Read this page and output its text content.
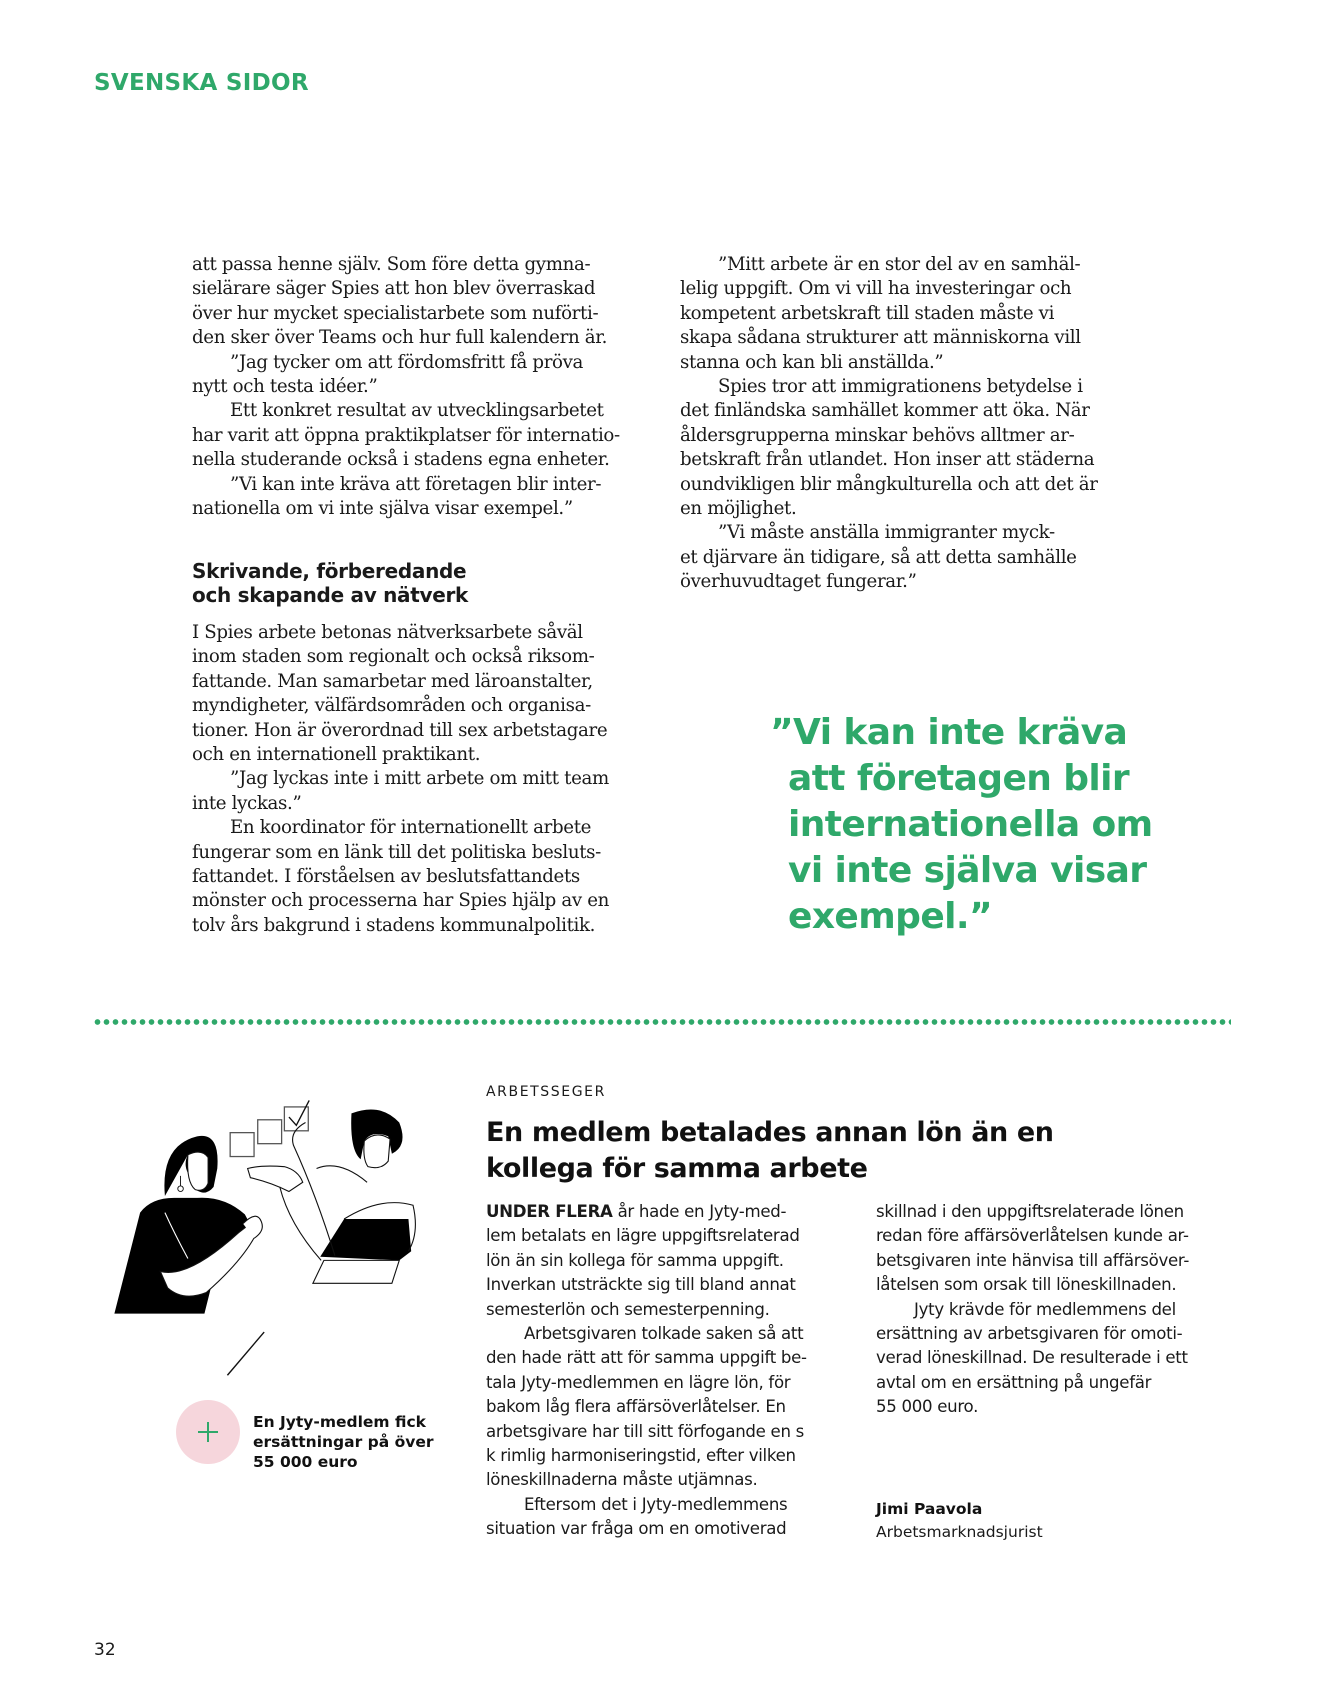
SVENSKA SIDOR
att passa henne själv. Som före detta gymna-
sielärare säger Spies att hon blev överraskad
över hur mycket specialistarbete som nuförti-
den sker över Teams och hur full kalendern är.
”Jag tycker om att fördomsfritt få pröva
nytt och testa idéer.”
Ett konkret resultat av utvecklingsarbetet
har varit att öppna praktikplatser för internatio-
nella studerande också i stadens egna enheter.
”Vi kan inte kräva att företagen blir inter-
nationella om vi inte själva visar exempel.”
Skrivande, förberedande
och skapande av nätverk
I Spies arbete betonas nätverksarbete såväl
inom staden som regionalt och också riksom-
fattande. Man samarbetar med läroanstalter,
myndigheter, välfärdsområden och organisa-
tioner. Hon är överordnad till sex arbetstagare
och en internationell praktikant.
”Jag lyckas inte i mitt arbete om mitt team
inte lyckas.”
En koordinator för internationellt arbete
fungerar som en länk till det politiska besluts-
fattandet. I förståelsen av beslutsfattandets
mönster och processerna har Spies hjälp av en
tolv års bakgrund i stadens kommunalpolitik.
”Mitt arbete är en stor del av en samhäl-
lelig uppgift. Om vi vill ha investeringar och
kompetent arbetskraft till staden måste vi
skapa sådana strukturer att människorna vill
stanna och kan bli anställda.”
Spies tror att immigrationens betydelse i
det finländska samhället kommer att öka. När
åldersgrupperna minskar behövs alltmer ar-
betskraft från utlandet. Hon inser att städerna
oundvikligen blir mångkulturella och att det är
en möjlighet.
”Vi måste anställa immigranter myck-
et djärvare än tidigare, så att detta samhälle
överhuvudtaget fungerar.”
”Vi kan inte kräva
att företagen blir
internationella om
vi inte själva visar
exempel.”
En Jyty-medlem fick
ersättningar på över
55 000 euro
ARBETSSEGER
En medlem betalades annan lön än en
kollega för samma arbete
UNDER FLERA år hade en Jyty-med-
lem betalats en lägre uppgiftsrelaterad
lön än sin kollega för samma uppgift.
Inverkan utsträckte sig till bland annat
semesterlön och semesterpenning.
Arbetsgivaren tolkade saken så att
den hade rätt att för samma uppgift be-
tala Jyty-medlemmen en lägre lön, för
bakom låg flera affärsöverlåtelser. En
arbetsgivare har till sitt förfogande en s
k rimlig harmoniseringstid, efter vilken
löneskillnaderna måste utjämnas.
Eftersom det i Jyty-medlemmens
situation var fråga om en omotiverad
skillnad i den uppgiftsrelaterade lönen
redan före affärsöverlåtelsen kunde ar-
betsgivaren inte hänvisa till affärsöver-
låtelsen som orsak till löneskillnaden.
Jyty krävde för medlemmens del
ersättning av arbetsgivaren för omoti-
verad löneskillnad. De resulterade i ett
avtal om en ersättning på ungefär
55 000 euro.
Jimi Paavola
Arbetsmarknadsjurist
32
